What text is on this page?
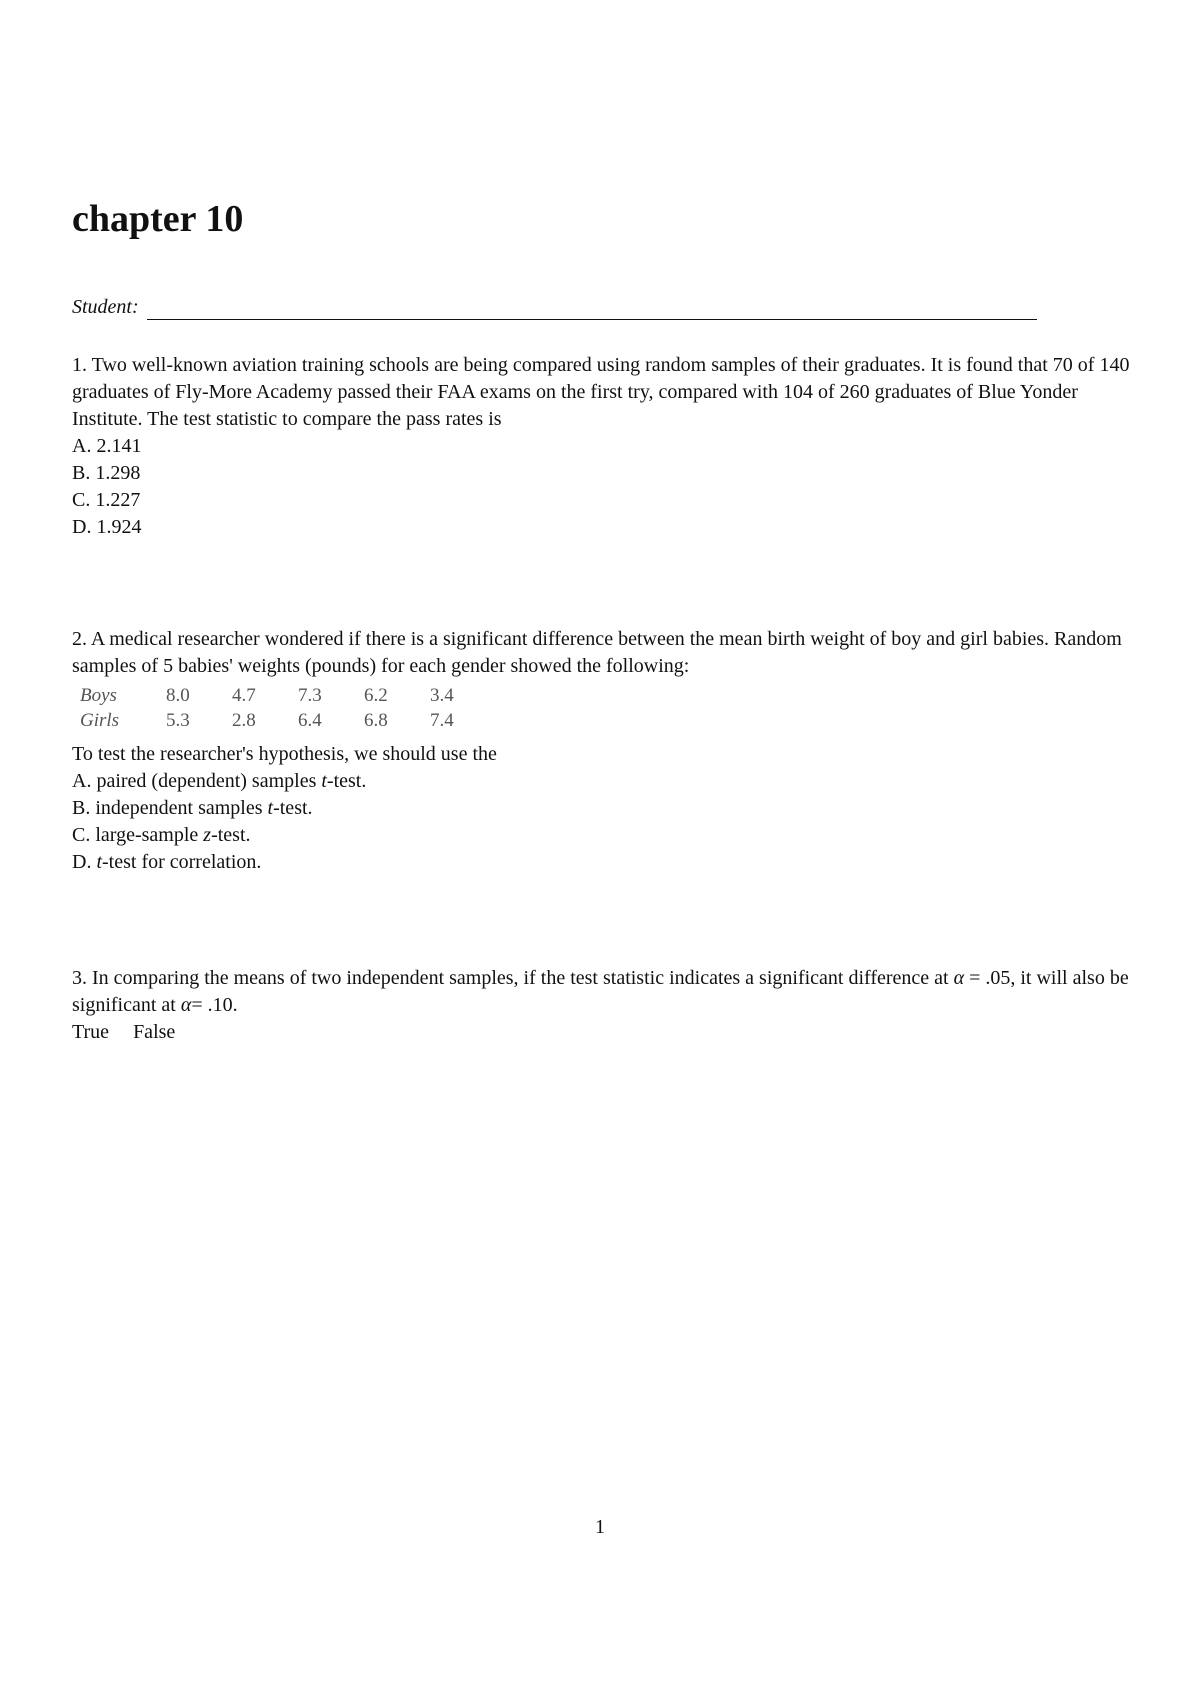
chapter 10
Student:

1. Two well-known aviation training schools are being compared using random samples of their graduates. It is found that 70 of 140 graduates of Fly-More Academy passed their FAA exams on the first try, compared with 104 of 260 graduates of Blue Yonder Institute. The test statistic to compare the pass rates is

A. 2.141

B. 1.298

C. 1.227

D. 1.924

2. A medical researcher wondered if there is a significant difference between the mean birth weight of boy and girl babies. Random samples of 5 babies' weights (pounds) for each gender showed the following:

Boys	8.0	4.7	7.3	6.2	3.4
Girls	5.3	2.8	6.4	6.8	7.4

To test the researcher's hypothesis, we should use the

A. paired (dependent) samples t-test.

B. independent samples t-test.

C. large-sample z-test.

D. t-test for correlation.

3. In comparing the means of two independent samples, if the test statistic indicates a significant difference at α = .05, it will also be significant at α= .10.

True False
1
